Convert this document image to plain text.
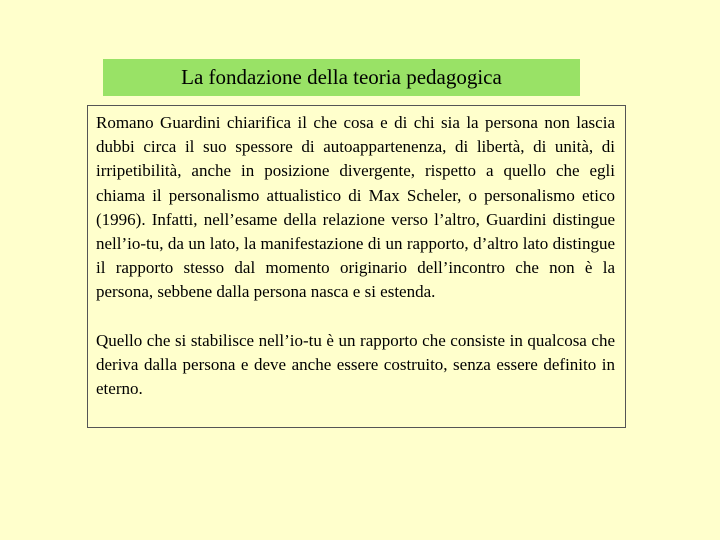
La fondazione della teoria pedagogica

Romano Guardini chiarifica il che cosa e di chi sia la persona non lascia dubbi circa il suo spessore di autoappartenenza, di libertà, di unità, di irripetibilità, anche in posizione divergente, rispetto a quello che egli chiama il personalismo attualistico di Max Scheler, o personalismo etico (1996). Infatti, nell’esame della relazione verso l’altro, Guardini distingue nell’io-tu, da un lato, la manifestazione di un rapporto, d’altro lato distingue il rapporto stesso dal momento originario dell’incontro che non è la persona, sebbene dalla persona nasca e si estenda.

Quello che si stabilisce nell’io-tu è un rapporto che consiste in qualcosa che deriva dalla persona e deve anche essere costruito, senza essere definito in eterno.
